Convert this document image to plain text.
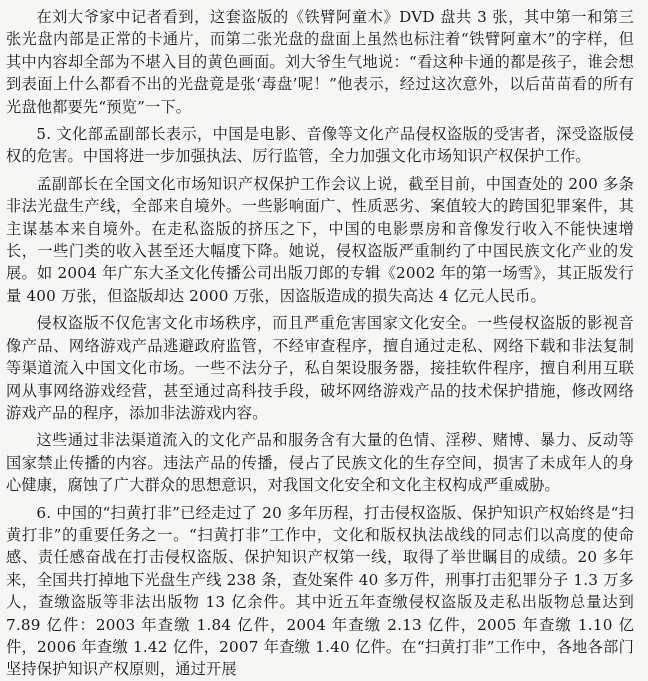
在刘大爷家中记者看到，这套盗版的《铁臂阿童木》DVD 盘共 3 张，其中第一和第三张光盘内部是正常的卡通片，而第二张光盘的盘面上虽然也标注着“铁臂阿童木”的字样，但其中内容却全部为不堪入目的黄色画面。刘大爷生气地说：“看这种卡通的都是孩子，谁会想到表面上什么都看不出的光盘竟是张‘毒盘’呢！”他表示，经过这次意外，以后苗苗看的所有光盘他都要先“预览”一下。

5. 文化部孟副部长表示，中国是电影、音像等文化产品侵权盗版的受害者，深受盗版侵权的危害。中国将进一步加强执法、厉行监管，全力加强文化市场知识产权保护工作。

孟副部长在全国文化市场知识产权保护工作会议上说，截至目前，中国查处的 200 多条非法光盘生产线，全部来自境外。一些影响面广、性质恶劣、案值较大的跨国犯罪案件，其主谋基本来自境外。在走私盗版的挤压之下，中国的电影票房和音像发行收入不能快速增长，一些门类的收入甚至还大幅度下降。她说，侵权盗版严重制约了中国民族文化产业的发展。如 2004 年广东大圣文化传播公司出版刀郎的专辑《2002 年的第一场雪》，其正版发行量 400 万张，但盗版却达 2000 万张，因盗版造成的损失高达 4 亿元人民币。

侵权盗版不仅危害文化市场秩序，而且严重危害国家文化安全。一些侵权盗版的影视音像产品、网络游戏产品逃避政府监管，不经审查程序，擅自通过走私、网络下载和非法复制等渠道流入中国文化市场。一些不法分子，私自架设服务器，接挂软件程序，擅自利用互联网从事网络游戏经营，甚至通过高科技手段，破坏网络游戏产品的技术保护措施，修改网络游戏产品的程序，添加非法游戏内容。

这些通过非法渠道流入的文化产品和服务含有大量的色情、淫秽、赌博、暴力、反动等国家禁止传播的内容。违法产品的传播，侵占了民族文化的生存空间，损害了未成年人的身心健康，腐蚀了广大群众的思想意识，对我国文化安全和文化主权构成严重威胁。

6. 中国的“扫黄打非”已经走过了 20 多年历程，打击侵权盗版、保护知识产权始终是“扫黄打非”的重要任务之一。“扫黄打非”工作中，文化和版权执法战线的同志们以高度的使命感、责任感奋战在打击侵权盗版、保护知识产权第一线，取得了举世瞩目的成绩。20 多年来，全国共打掉地下光盘生产线 238 条，查处案件 40 多万件，刑事打击犯罪分子 1.3 万多人，查缴盗版等非法出版物 13 亿余件。其中近五年查缴侵权盗版及走私出版物总量达到 7.89 亿件：2003 年查缴 1.84 亿件，2004 年查缴 2.13 亿件，2005 年查缴 1.10 亿件，2006 年查缴 1.42 亿件，2007 年查缴 1.40 亿件。在“扫黄打非”工作中，各地各部门坚持保护知识产权原则，通过开展
